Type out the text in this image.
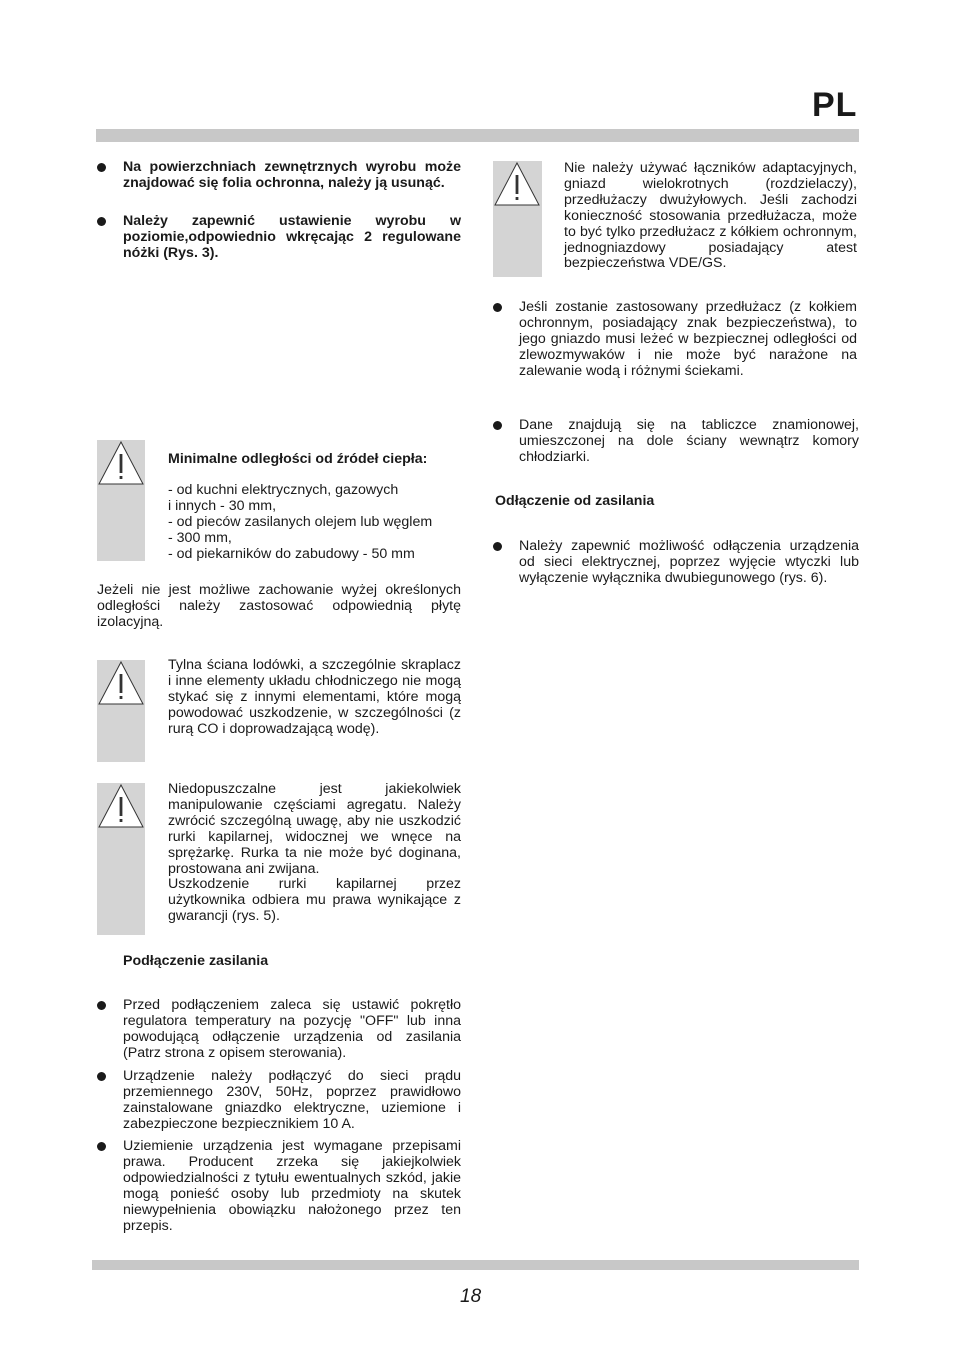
PL
Na powierzchniach zewnętrznych wyrobu może znajdować się folia ochronna, należy ją usunąć.
Należy zapewnić ustawienie wyrobu w poziomie,odpowiednio wkręcając 2 regulowane nóżki (Rys. 3).
Minimalne odległości od źródeł ciepła:
- od kuchni elektrycznych, gazowych
i innych - 30 mm,
- od pieców zasilanych olejem lub węglem
- 300 mm,
- od piekarników do zabudowy - 50 mm
Jeżeli nie jest możliwe zachowanie wyżej określonych odległości należy zastosować odpowiednią płytę izolacyjną.
Tylna ściana lodówki, a szczególnie skraplacz i inne elementy układu chłodniczego nie mogą stykać się z innymi elementami, które mogą powodować uszkodzenie, w szczególności (z rurą CO i doprowadzającą wodę).
Niedopuszczalne jest jakiekolwiek manipulowanie częściami agregatu. Należy zwrócić szczególną uwagę, aby nie uszkodzić rurki kapilarnej, widocznej we wnęce na sprężarkę. Rurka ta nie może być doginana, prostowana ani zwijana.
Uszkodzenie rurki kapilarnej przez użytkownika odbiera mu prawa wynikające z gwarancji (rys. 5).
Podłączenie zasilania
Przed podłączeniem zaleca się ustawić pokrętło regulatora temperatury na pozycję "OFF" lub inna powodującą odłączenie urządzenia od zasilania (Patrz strona z opisem sterowania).
Urządzenie należy podłączyć do sieci prądu przemiennego 230V, 50Hz, poprzez prawidłowo zainstalowane gniazdko elektryczne, uziemione i zabezpieczone bezpiecznikiem 10 A.
Uziemienie urządzenia jest wymagane przepisami prawa. Producent zrzeka się jakiejkolwiek odpowiedzialności z tytułu ewentualnych szkód, jakie mogą ponieść osoby lub przedmioty na skutek niewypełnienia obowiązku nałożonego przez ten przepis.
Nie należy używać łączników adaptacyjnych, gniazd wielokrotnych (rozdzielaczy), przedłużaczy dwużyłowych. Jeśli zachodzi konieczność stosowania przedłużacza, może to być tylko przedłużacz z kółkiem ochronnym, jednogniazdowy posiadający atest bezpieczeństwa VDE/GS.
Jeśli zostanie zastosowany przedłużacz (z kołkiem ochronnym, posiadający znak bezpieczeństwa), to jego gniazdo musi leżeć w bezpiecznej odległości od zlewozmywaków i nie może być narażone na zalewanie wodą i różnymi ściekami.
Dane znajdują się na tabliczce znamionowej, umieszczonej na dole ściany wewnątrz komory chłodziarki.
Odłączenie od zasilania
Należy zapewnić możliwość odłączenia urządzenia od sieci elektrycznej, poprzez wyjęcie wtyczki lub wyłączenie wyłącznika dwubiegunowego (rys. 6).
18
